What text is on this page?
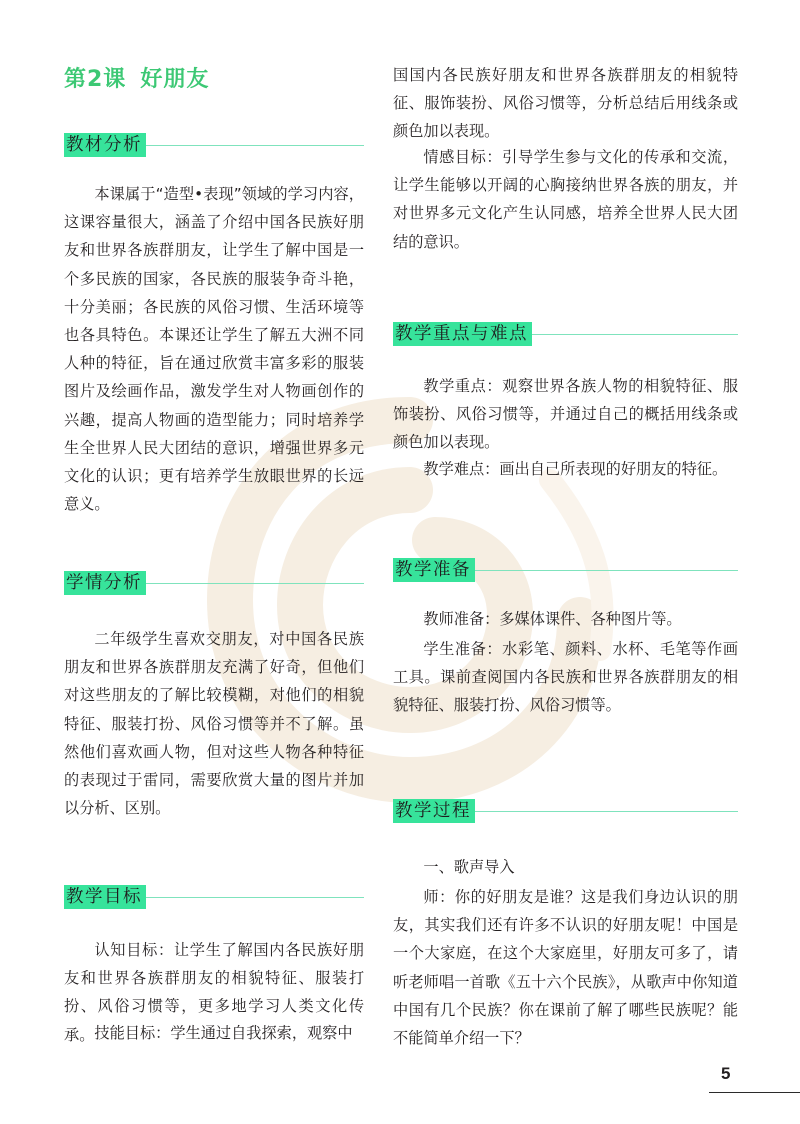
第2课 好朋友
教材分析

本课属于“造型•表现”领域的学习内容，这课容量很大，涵盖了介绍中国各民族好朋友和世界各族群朋友，让学生了解中国是一个多民族的国家，各民族的服装争奇斗艳，十分美丽；各民族的风俗习惯、生活环境等也各具特色。本课还让学生了解五大洲不同人种的特征，旨在通过欣赏丰富多彩的服装图片及绘画作品，激发学生对人物画创作的兴趣，提高人物画的造型能力；同时培养学生全世界人民大团结的意识，增强世界多元文化的认识；更有培养学生放眼世界的长远意义。

学情分析

二年级学生喜欢交朋友，对中国各民族朋友和世界各族群朋友充满了好奇，但他们对这些朋友的了解比较模糊，对他们的相貌特征、服装打扮、风俗习惯等并不了解。虽然他们喜欢画人物，但对这些人物各种特征的表现过于雷同，需要欣赏大量的图片并加以分析、区别。

教学目标

认知目标：让学生了解国内各民族好朋友和世界各族群朋友的相貌特征、服装打扮、风俗习惯等，更多地学习人类文化传承。 技能目标：学生通过自我探索，观察中

国国内各民族好朋友和世界各族群朋友的相貌特征、服饰装扮、风俗习惯等，分析总结后用线条或颜色加以表现。

情感目标：引导学生参与文化的传承和交流，让学生能够以开阔的心胸接纳世界各族的朋友，并对世界多元文化产生认同感，培养全世界人民大团结的意识。

教学重点与难点

教学重点：观察世界各族人物的相貌特征、服饰装扮、风俗习惯等，并通过自己的概括用线条或颜色加以表现。

教学难点：画出自己所表现的好朋友的特征。

教学准备

教师准备：多媒体课件、各种图片等。

学生准备：水彩笔、颜料、水杯、毛笔等作画工具。课前查阅国内各民族和世界各族群朋友的相貌特征、服装打扮、风俗习惯等。

教学过程

一、歌声导入

师：你的好朋友是谁？这是我们身边认识的朋友，其实我们还有许多不认识的好朋友呢！中国是一个大家庭，在这个大家庭里，好朋友可多了，请听老师唱一首歌《五十六个民族》，从歌声中你知道中国有几个民族？你在课前了解了哪些民族呢？能不能简单介绍一下？

5
